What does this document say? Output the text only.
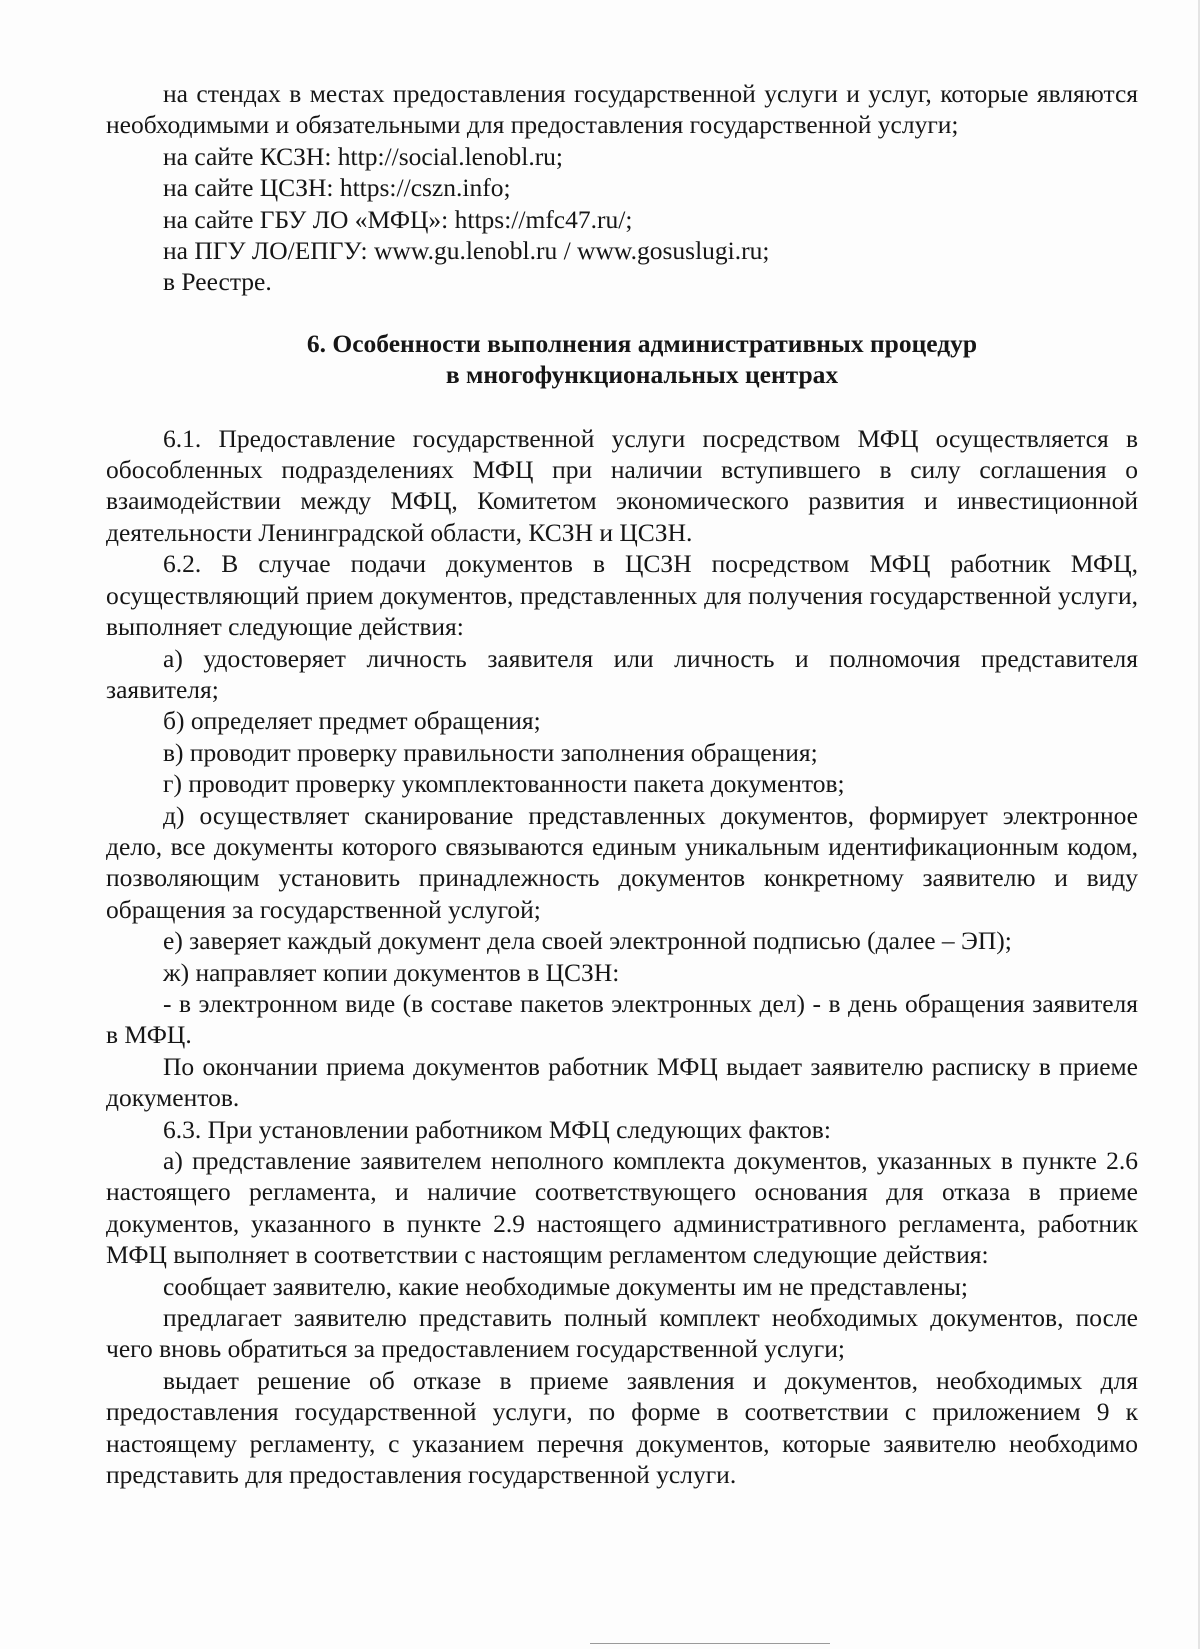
на стендах в местах предоставления государственной услуги и услуг, которые являются необходимыми и обязательными для предоставления государственной услуги;

на сайте КСЗН: http://social.lenobl.ru;

на сайте ЦСЗН: https://cszn.info;

на сайте ГБУ ЛО «МФЦ»: https://mfc47.ru/;

на ПГУ ЛО/ЕПГУ: www.gu.lenobl.ru / www.gosuslugi.ru;

в Реестре.

6. Особенности выполнения административных процедур

в многофункциональных центрах

6.1. Предоставление государственной услуги посредством МФЦ осуществляется в обособленных подразделениях МФЦ при наличии вступившего в силу соглашения о взаимодействии между МФЦ, Комитетом экономического развития и инвестиционной деятельности Ленинградской области, КСЗН и ЦСЗН.

6.2. В случае подачи документов в ЦСЗН посредством МФЦ работник МФЦ, осуществляющий прием документов, представленных для получения государственной услуги, выполняет следующие действия:

а) удостоверяет личность заявителя или личность и полномочия представителя заявителя;

б) определяет предмет обращения;

в) проводит проверку правильности заполнения обращения;

г) проводит проверку укомплектованности пакета документов;

д) осуществляет сканирование представленных документов, формирует электронное дело, все документы которого связываются единым уникальным идентификационным кодом, позволяющим установить принадлежность документов конкретному заявителю и виду обращения за государственной услугой;

е) заверяет каждый документ дела своей электронной подписью (далее – ЭП);

ж) направляет копии документов в ЦСЗН:

- в электронном виде (в составе пакетов электронных дел) - в день обращения заявителя в МФЦ.

По окончании приема документов работник МФЦ выдает заявителю расписку в приеме документов.

6.3. При установлении работником МФЦ следующих фактов:

а) представление заявителем неполного комплекта документов, указанных в пункте 2.6 настоящего регламента, и наличие соответствующего основания для отказа в приеме документов, указанного в пункте 2.9 настоящего административного регламента, работник МФЦ выполняет в соответствии с настоящим регламентом следующие действия:

сообщает заявителю, какие необходимые документы им не представлены;

предлагает заявителю представить полный комплект необходимых документов, после чего вновь обратиться за предоставлением государственной услуги;

выдает решение об отказе в приеме заявления и документов, необходимых для предоставления государственной услуги, по форме в соответствии с приложением 9 к настоящему регламенту, с указанием перечня документов, которые заявителю необходимо представить для предоставления государственной услуги.
